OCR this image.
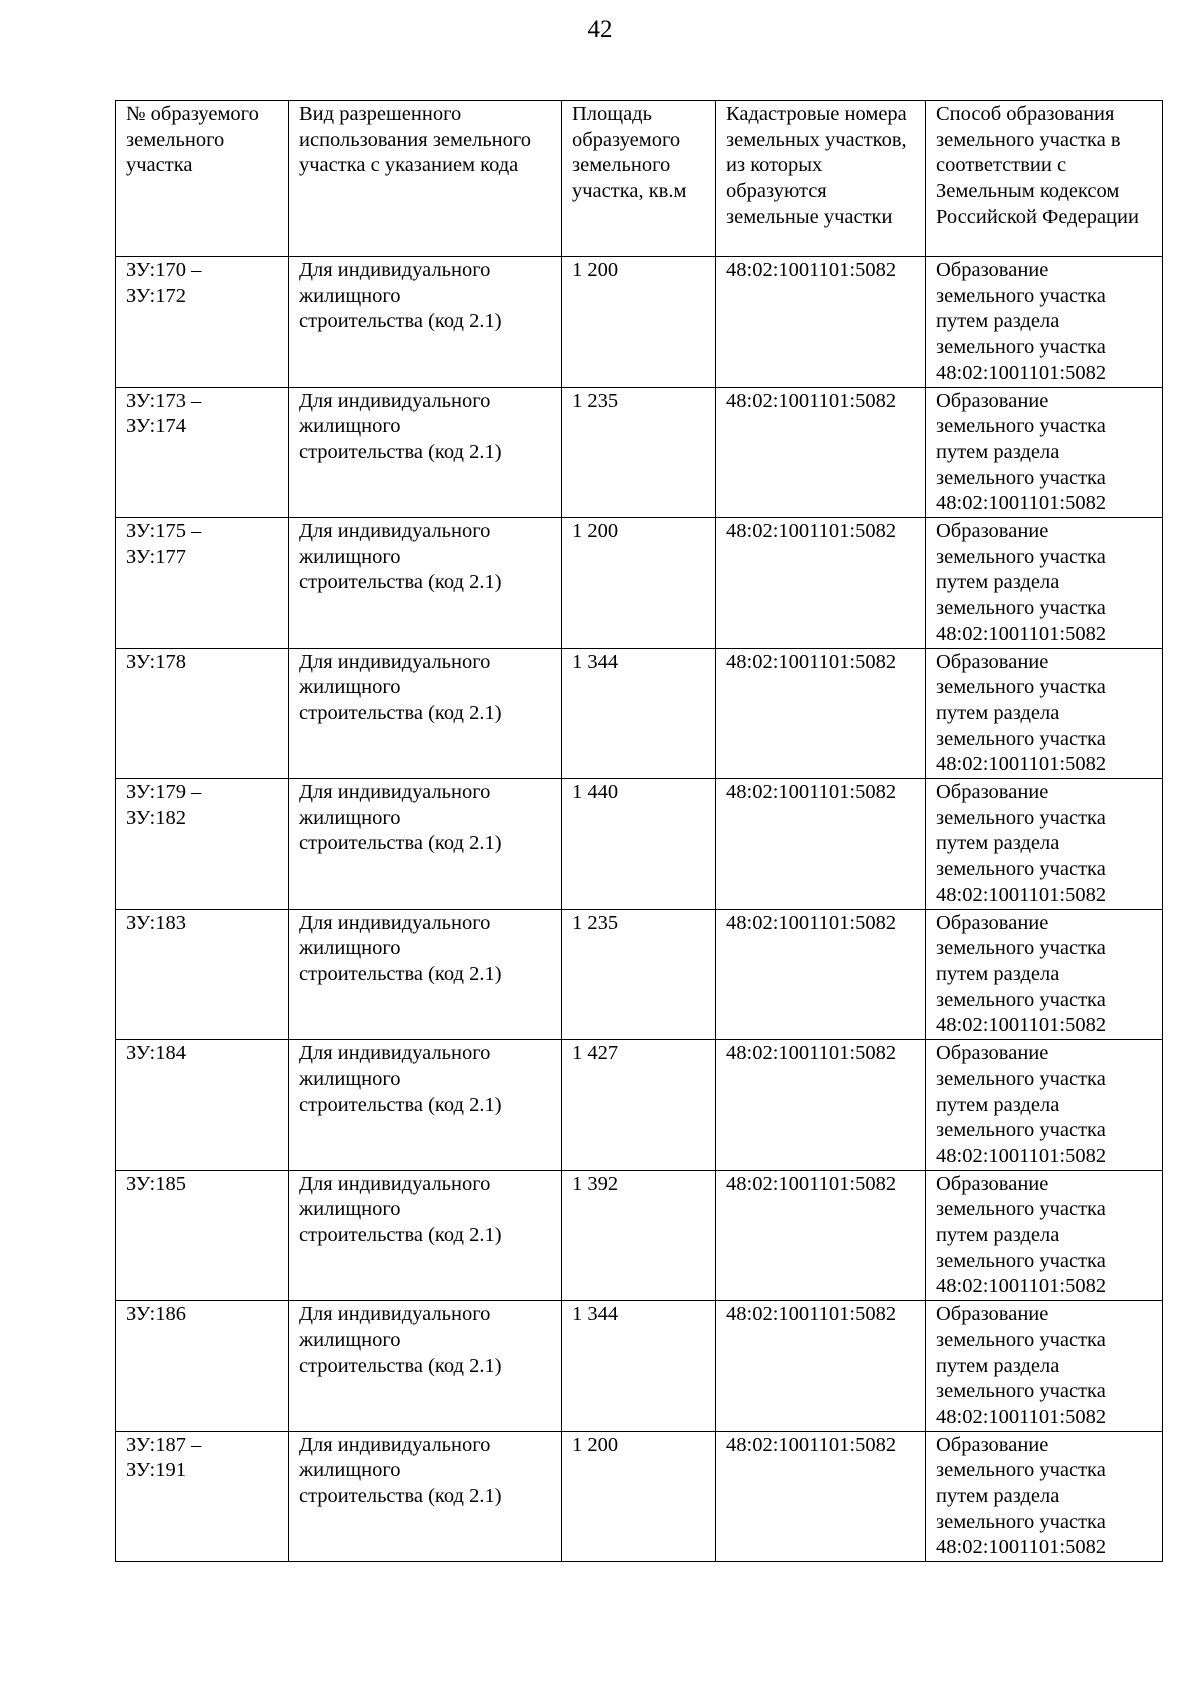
42
№ образуемого земельного участка	Вид разрешенного использования земельного участка с указанием кода	Площадь образуемого земельного участка, кв.м	Кадастровые номера земельных участков, из которых образуются земельные участки	Способ образования земельного участка в соответствии с Земельным кодексом Российской Федерации

ЗУ:170 –
ЗУ:172	Для индивидуального
жилищного
строительства (код 2.1)	1 200	48:02:1001101:5082	Образование
земельного участка
путем раздела
земельного участка
48:02:1001101:5082

ЗУ:173 –
ЗУ:174	Для индивидуального
жилищного
строительства (код 2.1)	1 235	48:02:1001101:5082	Образование
земельного участка
путем раздела
земельного участка
48:02:1001101:5082

ЗУ:175 –
ЗУ:177	Для индивидуального
жилищного
строительства (код 2.1)	1 200	48:02:1001101:5082	Образование
земельного участка
путем раздела
земельного участка
48:02:1001101:5082

ЗУ:178	Для индивидуального
жилищного
строительства (код 2.1)	1 344	48:02:1001101:5082	Образование
земельного участка
путем раздела
земельного участка
48:02:1001101:5082

ЗУ:179 –
ЗУ:182	Для индивидуального
жилищного
строительства (код 2.1)	1 440	48:02:1001101:5082	Образование
земельного участка
путем раздела
земельного участка
48:02:1001101:5082

ЗУ:183	Для индивидуального
жилищного
строительства (код 2.1)	1 235	48:02:1001101:5082	Образование
земельного участка
путем раздела
земельного участка
48:02:1001101:5082

ЗУ:184	Для индивидуального
жилищного
строительства (код 2.1)	1 427	48:02:1001101:5082	Образование
земельного участка
путем раздела
земельного участка
48:02:1001101:5082

ЗУ:185	Для индивидуального
жилищного
строительства (код 2.1)	1 392	48:02:1001101:5082	Образование
земельного участка
путем раздела
земельного участка
48:02:1001101:5082

ЗУ:186	Для индивидуального
жилищного
строительства (код 2.1)	1 344	48:02:1001101:5082	Образование
земельного участка
путем раздела
земельного участка
48:02:1001101:5082

ЗУ:187 –
ЗУ:191	Для индивидуального
жилищного
строительства (код 2.1)	1 200	48:02:1001101:5082	Образование
земельного участка
путем раздела
земельного участка
48:02:1001101:5082
